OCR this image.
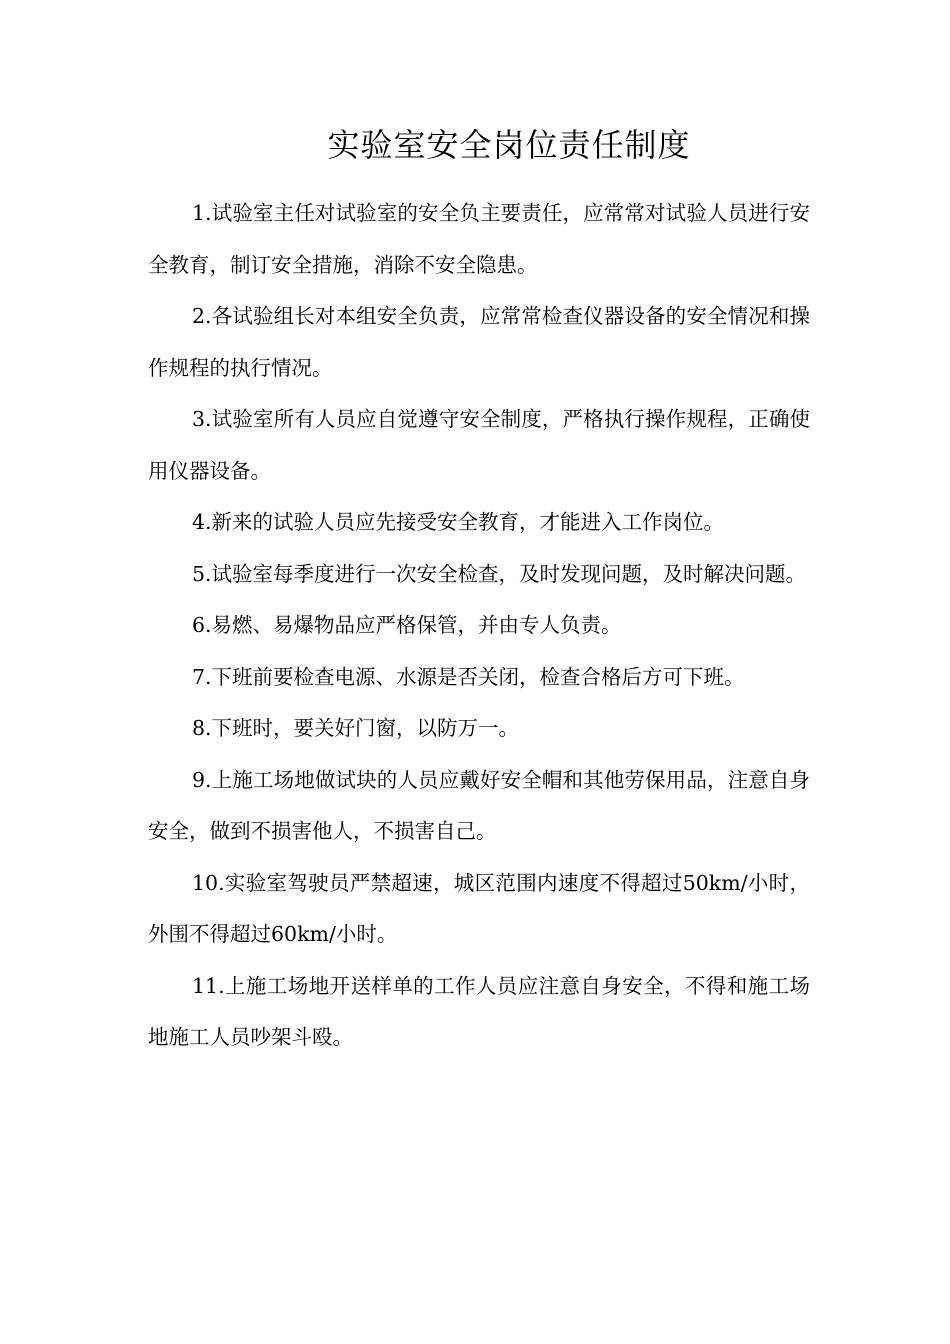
实验室安全岗位责任制度

1.试验室主任对试验室的安全负主要责任，应常常对试验人员进行安全教育，制订安全措施，消除不安全隐患。

2.各试验组长对本组安全负责，应常常检查仪器设备的安全情况和操作规程的执行情况。

3.试验室所有人员应自觉遵守安全制度，严格执行操作规程，正确使用仪器设备。

4.新来的试验人员应先接受安全教育，才能进入工作岗位。

5.试验室每季度进行一次安全检查，及时发现问题，及时解决问题。

6.易燃、易爆物品应严格保管，并由专人负责。

7.下班前要检查电源、水源是否关闭，检查合格后方可下班。

8.下班时，要关好门窗，以防万一。

9.上施工场地做试块的人员应戴好安全帽和其他劳保用品，注意自身安全，做到不损害他人，不损害自己。

10.实验室驾驶员严禁超速，城区范围内速度不得超过50km/小时，外围不得超过60km/小时。

11.上施工场地开送样单的工作人员应注意自身安全，不得和施工场地施工人员吵架斗殴。
